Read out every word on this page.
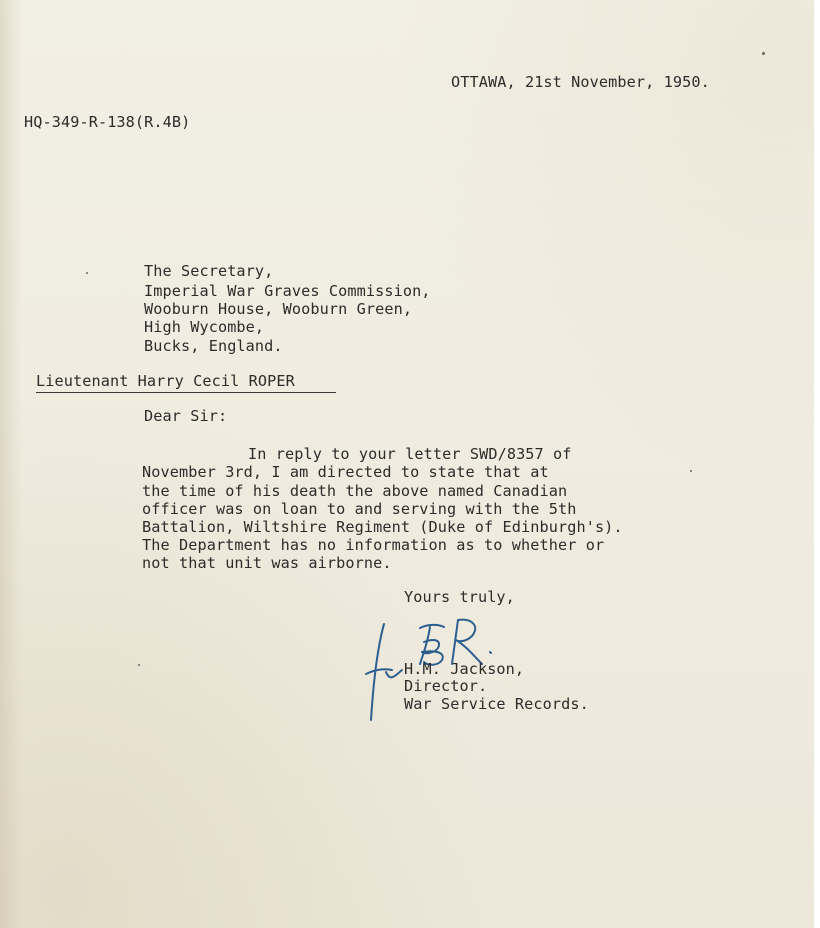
OTTAWA, 21st November, 1950.

HQ-349-R-138(R.4B)

The Secretary,

Imperial War Graves Commission,

Wooburn House, Wooburn Green,

High Wycombe,

Bucks, England.

Lieutenant Harry Cecil ROPER

Dear Sir:

In reply to your letter SWD/8357 of

November 3rd, I am directed to state that at

the time of his death the above named Canadian

officer was on loan to and serving with the 5th

Battalion, Wiltshire Regiment (Duke of Edinburgh's).

The Department has no information as to whether or

not that unit was airborne.

Yours truly,

H.M. Jackson,

Director.

War Service Records.
